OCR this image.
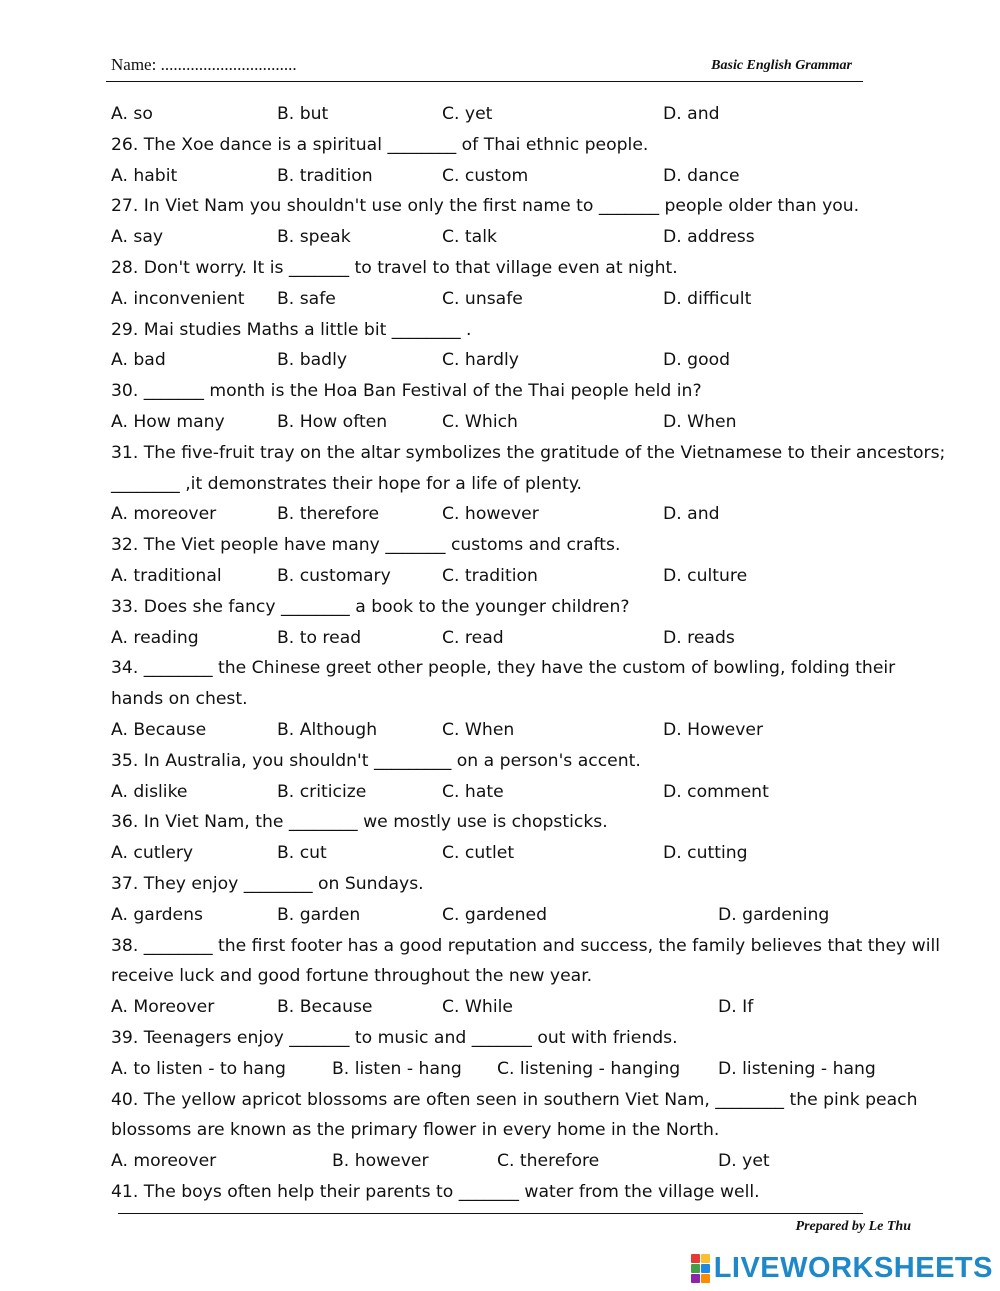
Name: ................................	Basic English Grammar
A. so	B. but	C. yet	D. and
26. The Xoe dance is a spiritual ________ of Thai ethnic people.
A. habit	B. tradition	C. custom	D. dance
27. In Viet Nam you shouldn't use only the first name to _______ people older than you.
A. say	B. speak	C. talk	D. address
28. Don't worry. It is _______ to travel to that village even at night.
A. inconvenient B. safe	C. unsafe	D. difficult
29. Mai studies Maths a little bit ________ .
A. bad	B. badly	C. hardly	D. good
30. _______ month is the Hoa Ban Festival of the Thai people held in?
A. How many	B. How often	C. Which	D. When
31. The five-fruit tray on the altar symbolizes the gratitude of the Vietnamese to their ancestors;
________ ,it demonstrates their hope for a life of plenty.
A. moreover	B. therefore	C. however	D. and
32. The Viet people have many _______ customs and crafts.
A. traditional	B. customary	C. tradition	D. culture
33. Does she fancy ________ a book to the younger children?
A. reading	B. to read	C. read	D. reads
34. ________ the Chinese greet other people, they have the custom of bowling, folding their
hands on chest.
A. Because	B. Although	C. When	D. However
35. In Australia, you shouldn't _________ on a person's accent.
A. dislike	B. criticize	C. hate	D. comment
36. In Viet Nam, the ________ we mostly use is chopsticks.
A. cutlery	B. cut	C. cutlet	D. cutting
37. They enjoy ________ on Sundays.
A. gardens	B. garden	C. gardened	D. gardening
38. ________ the first footer has a good reputation and success, the family believes that they will
receive luck and good fortune throughout the new year.
A. Moreover	B. Because	C. While	D. If
39. Teenagers enjoy _______ to music and _______ out with friends.
A. to listen - to hang	B. listen - hang C. listening - hanging D. listening - hang
40. The yellow apricot blossoms are often seen in southern Viet Nam, ________ the pink peach
blossoms are known as the primary flower in every home in the North.
A. moreover	B. however	C. therefore	D. yet
41. The boys often help their parents to _______ water from the village well.
Prepared by Le Thu
LIVEWORKSHEETS
